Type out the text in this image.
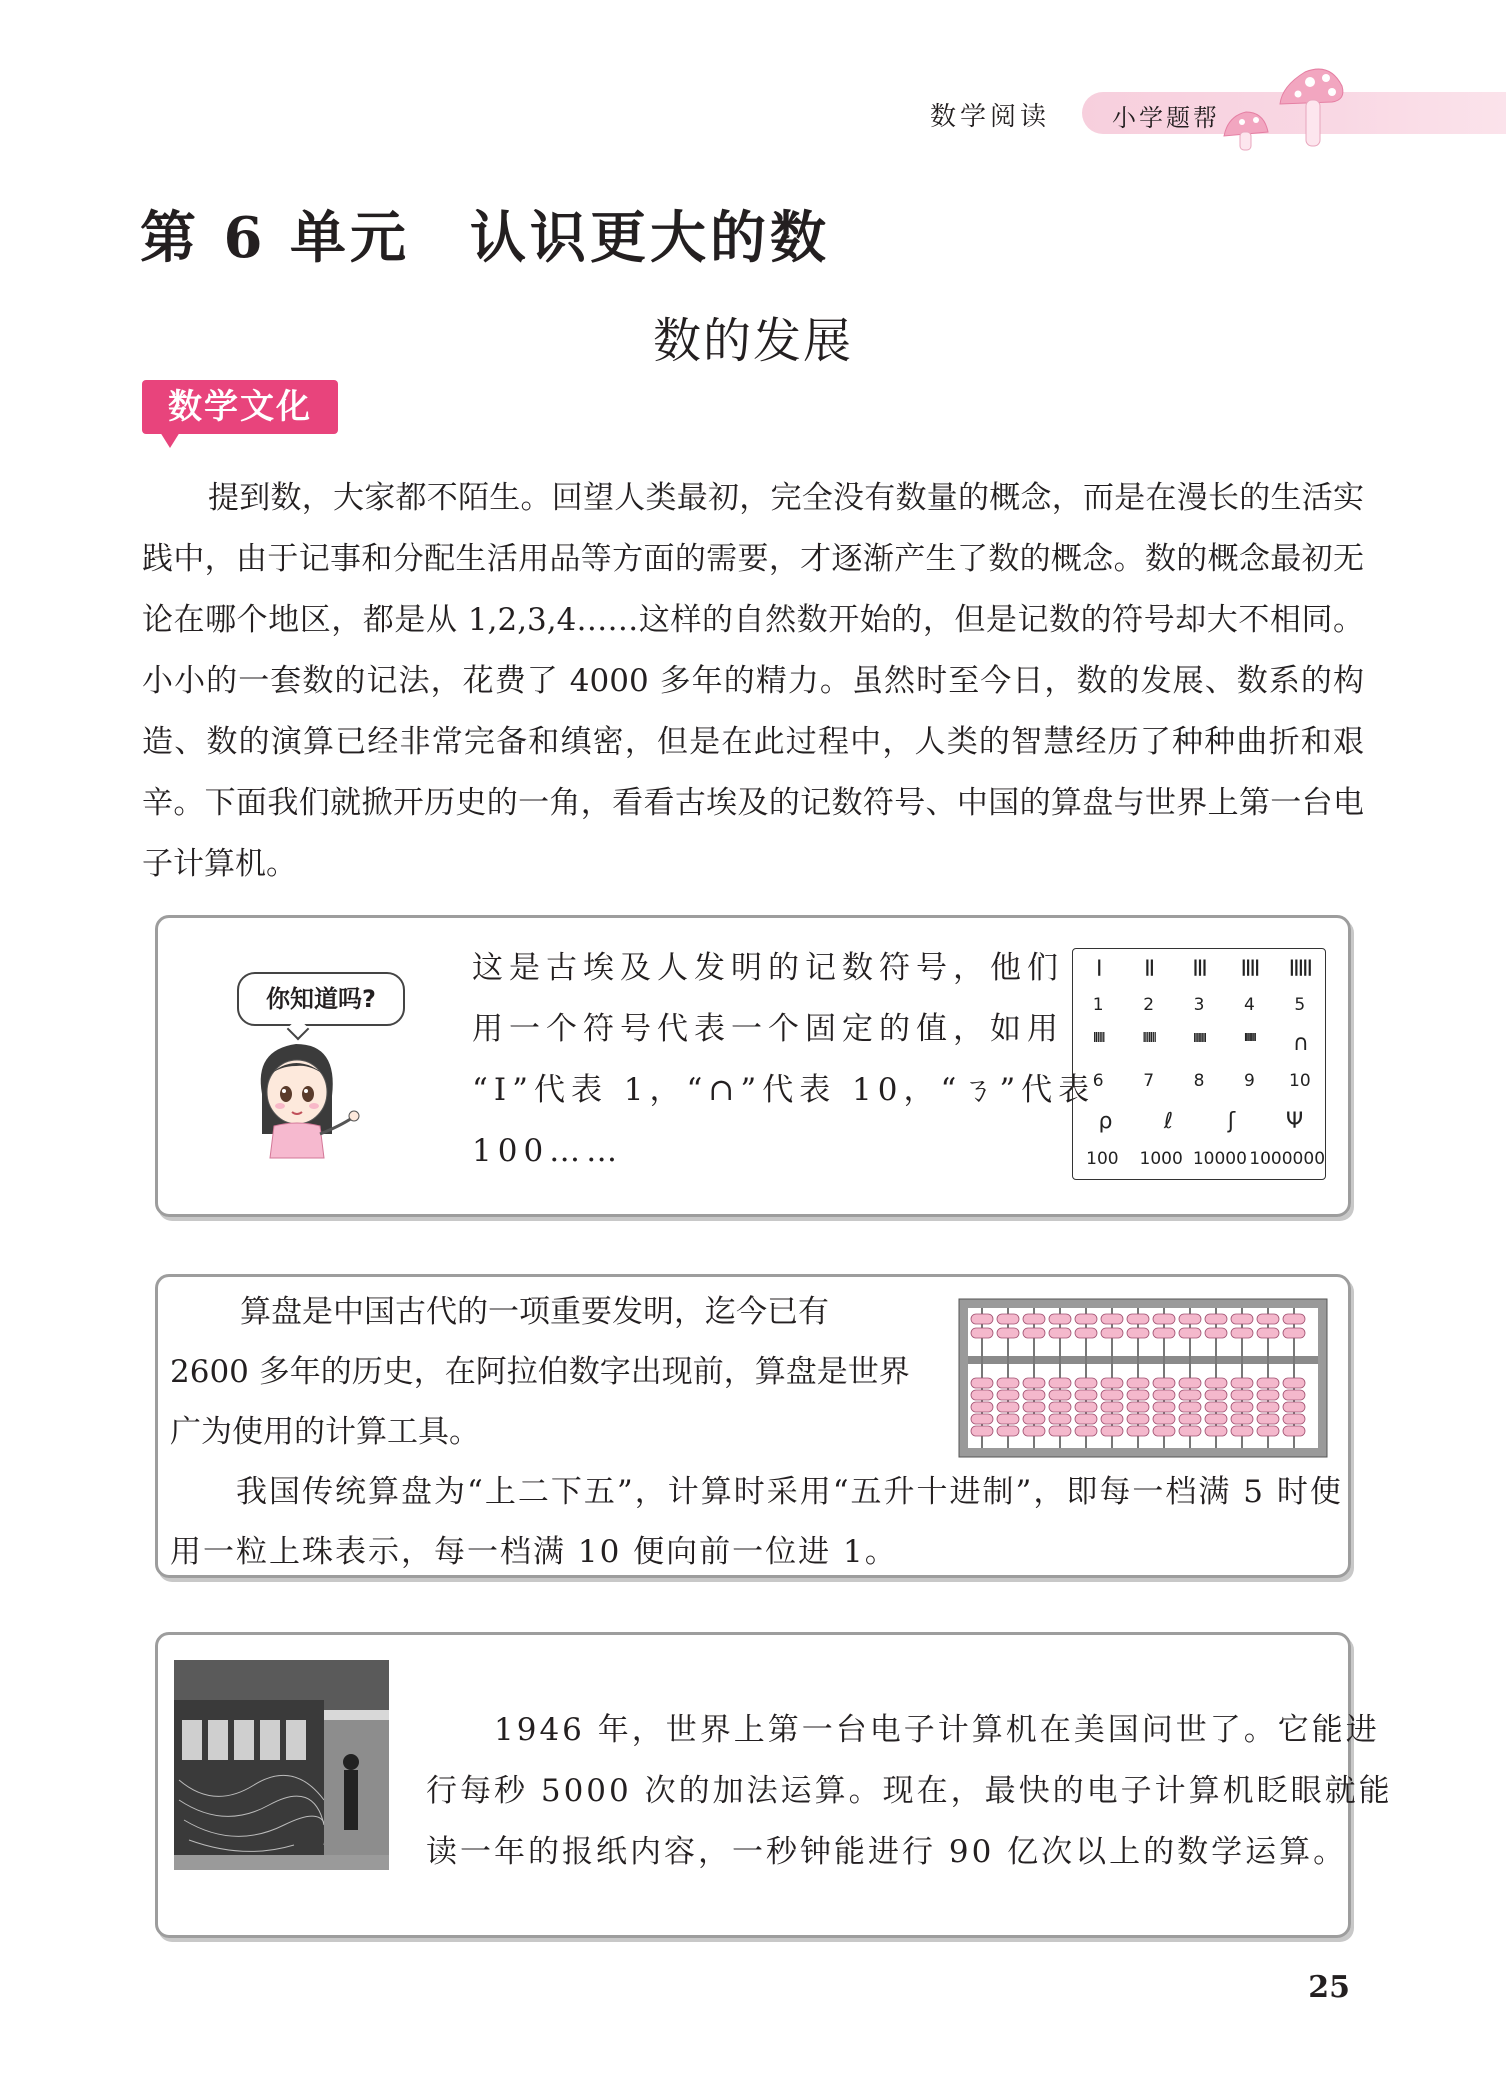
数学阅读	小学题帮
第 6 单元　认识更大的数
数的发展
数学文化
提到数，大家都不陌生。回望人类最初，完全没有数量的概念，而是在漫长的生活实践中，由于记事和分配生活用品等方面的需要，才逐渐产生了数的概念。数的概念最初无论在哪个地区，都是从 1,2,3,4……这样的自然数开始的，但是记数的符号却大不相同。小小的一套数的记法，花费了 4000 多年的精力。虽然时至今日，数的发展、数系的构造、数的演算已经非常完备和缜密，但是在此过程中，人类的智慧经历了种种曲折和艰辛。下面我们就掀开历史的一角，看看古埃及的记数符号、中国的算盘与世界上第一台电子计算机。
你知道吗?
这是古埃及人发明的记数符号，他们
用一个符号代表一个固定的值，如用
“Ι”代表 1，“∩”代表 10，“ㄋ”代表
100……
Ι	ΙΙ	ΙΙΙ	ΙΙΙΙ	ΙΙΙΙΙ
1	2	3	4	5
ΙΙΙΙΙΙ	ΙΙΙΙΙΙΙ	ΙΙΙΙΙΙΙΙ	ΙΙΙΙΙΙΙΙΙ	∩
6	7	8	9	10
ρ	ℓ	ʃ	Ψ
100	1000 10000 1000000
算盘是中国古代的一项重要发明，迄今已有
2600 多年的历史，在阿拉伯数字出现前，算盘是世界
广为使用的计算工具。
　　我国传统算盘为“上二下五”，计算时采用“五升十进制”，即每一档满 5 时使
用一粒上珠表示，每一档满 10 便向前一位进 1。
　　1946 年，世界上第一台电子计算机在美国问世了。它能进
行每秒 5000 次的加法运算。现在，最快的电子计算机眨眼就能
读一年的报纸内容，一秒钟能进行 90 亿次以上的数学运算。
25
